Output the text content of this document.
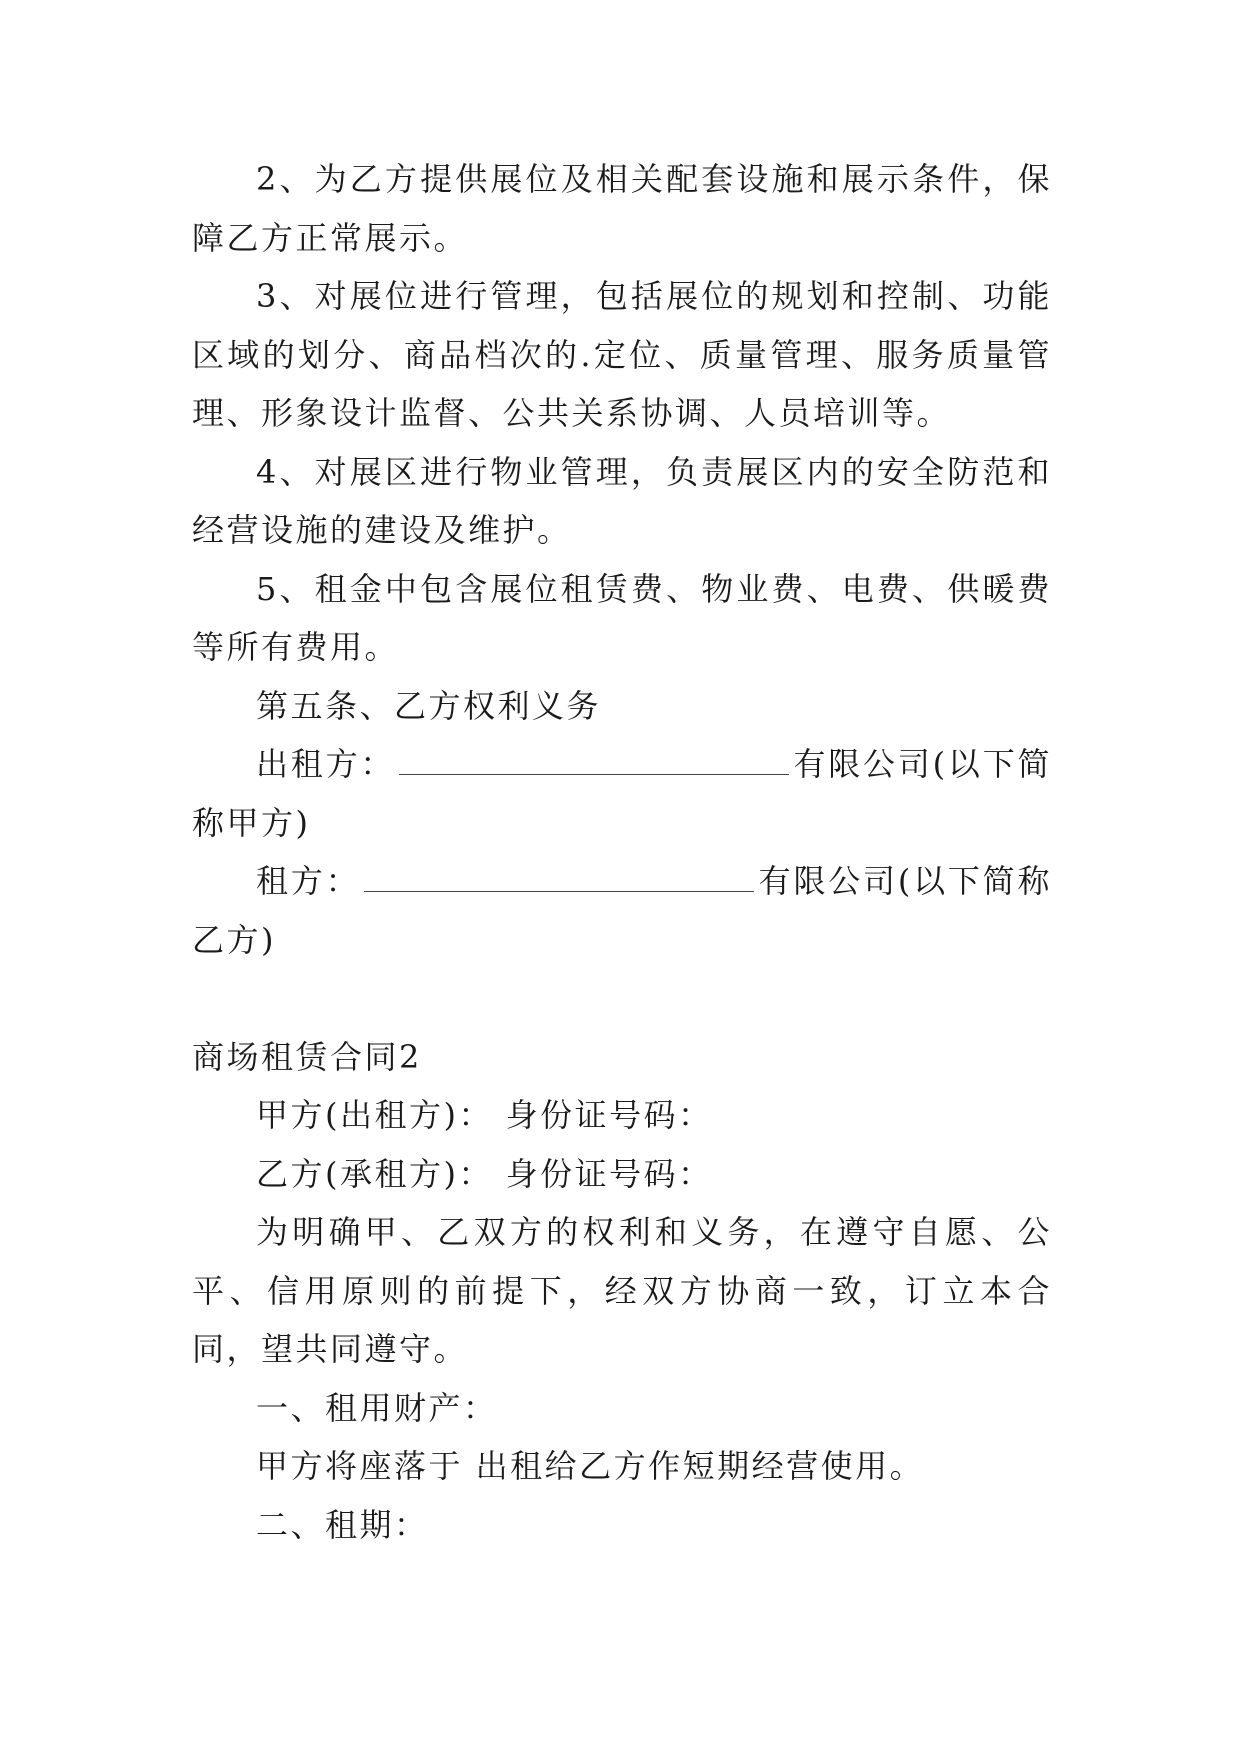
2、为乙方提供展位及相关配套设施和展示条件，保障乙方正常展示。

3、对展位进行管理，包括展位的规划和控制、功能区域的划分、商品档次的.定位、质量管理、服务质量管理、形象设计监督、公共关系协调、人员培训等。

4、对展区进行物业管理，负责展区内的安全防范和经营设施的建设及维护。

5、租金中包含展位租赁费、物业费、电费、供暖费等所有费用。

第五条、乙方权利义务

出租方：	有限公司(以下简称甲方)

租方：	有限公司(以下简称乙方)

商场租赁合同2

甲方(出租方)： 身份证号码：

乙方(承租方)： 身份证号码：

为明确甲、乙双方的权利和义务，在遵守自愿、公平、信用原则的前提下，经双方协商一致，订立本合同，望共同遵守。

一、租用财产：

甲方将座落于 出租给乙方作短期经营使用。

二、租期：
